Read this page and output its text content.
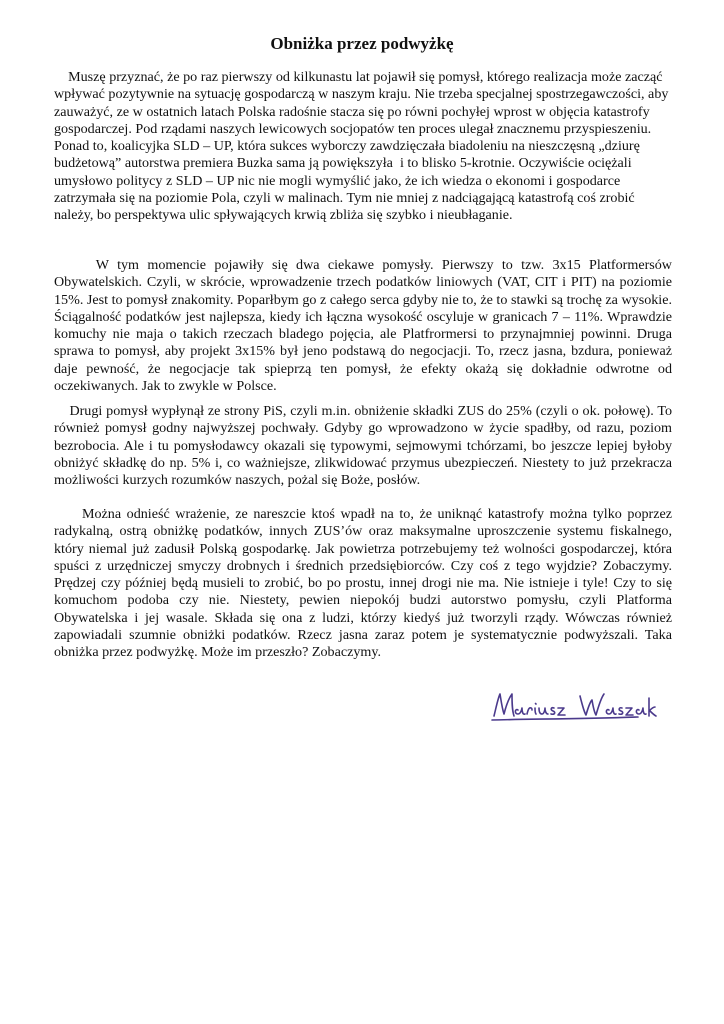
Obniżka przez podwyżkę

Muszę przyznać, że po raz pierwszy od kilkunastu lat pojawił się pomysł, którego realizacja może zacząć wpływać pozytywnie na sytuację gospodarczą w naszym kraju. Nie trzeba specjalnej spostrzegawczości, aby zauważyć, ze w ostatnich latach Polska radośnie stacza się po równi pochyłej wprost w objęcia katastrofy gospodarczej. Pod rządami naszych lewicowych socjopatów ten proces ulegał znacznemu przyspieszeniu. Ponad to, koalicyjka SLD – UP, która sukces wyborczy zawdzięczała biadoleniu na nieszczęsną „dziurę budżetową” autorstwa premiera Buzka sama ją powiększyła  i to blisko 5-krotnie. Oczywiście ociężali umysłowo politycy z SLD – UP nic nie mogli wymyślić jako, że ich wiedza o ekonomi i gospodarce zatrzymała się na poziomie Pola, czyli w malinach. Tym nie mniej z nadciągającą katastrofą coś zrobić należy, bo perspektywa ulic spływających krwią zbliża się szybko i nieubłaganie.

W tym momencie pojawiły się dwa ciekawe pomysły. Pierwszy to tzw. 3x15 Platformersów Obywatelskich. Czyli, w skrócie, wprowadzenie trzech podatków liniowych (VAT, CIT i PIT) na poziomie 15%. Jest to pomysł znakomity. Poparłbym go z całego serca gdyby nie to, że to stawki są trochę za wysokie. Ściągalność podatków jest najlepsza, kiedy ich łączna wysokość oscyluje w granicach 7 – 11%. Wprawdzie komuchy nie maja o takich rzeczach bladego pojęcia, ale Platfrormersi to przynajmniej powinni. Druga sprawa to pomysł, aby projekt 3x15% był jeno podstawą do negocjacji. To, rzecz jasna, bzdura, ponieważ daje pewność, że negocjacje tak spieprzą ten pomysł, że efekty okażą się dokładnie odwrotne od oczekiwanych. Jak to zwykle w Polsce.

Drugi pomysł wypłynął ze strony PiS, czyli m.in. obniżenie składki ZUS do 25% (czyli o ok. połowę). To również pomysł godny najwyższej pochwały. Gdyby go wprowadzono w życie spadłby, od razu, poziom bezrobocia. Ale i tu pomysłodawcy okazali się typowymi, sejmowymi tchórzami, bo jeszcze lepiej byłoby obniżyć składkę do np. 5% i, co ważniejsze, zlikwidować przymus ubezpieczeń. Niestety to już przekracza możliwości kurzych rozumków naszych, pożal się Boże, posłów.

Można odnieść wrażenie, ze nareszcie ktoś wpadł na to, że uniknąć katastrofy można tylko poprzez radykalną, ostrą obniżkę podatków, innych ZUS’ów oraz maksymalne uproszczenie systemu fiskalnego, który niemal już zadusił Polską gospodarkę. Jak powietrza potrzebujemy też wolności gospodarczej, która spuści z urzędniczej smyczy drobnych i średnich przedsiębiorców. Czy coś z tego wyjdzie? Zobaczymy. Prędzej czy później będą musieli to zrobić, bo po prostu, innej drogi nie ma. Nie istnieje i tyle! Czy to się komuchom podoba czy nie. Niestety, pewien niepokój budzi autorstwo pomysłu, czyli Platforma Obywatelska i jej wasale. Składa się ona z ludzi, którzy kiedyś już tworzyli rządy. Wówczas również zapowiadali szumnie obniżki podatków. Rzecz jasna zaraz potem je systematycznie podwyższali. Taka obniżka przez podwyżkę. Może im przeszło? Zobaczymy.
